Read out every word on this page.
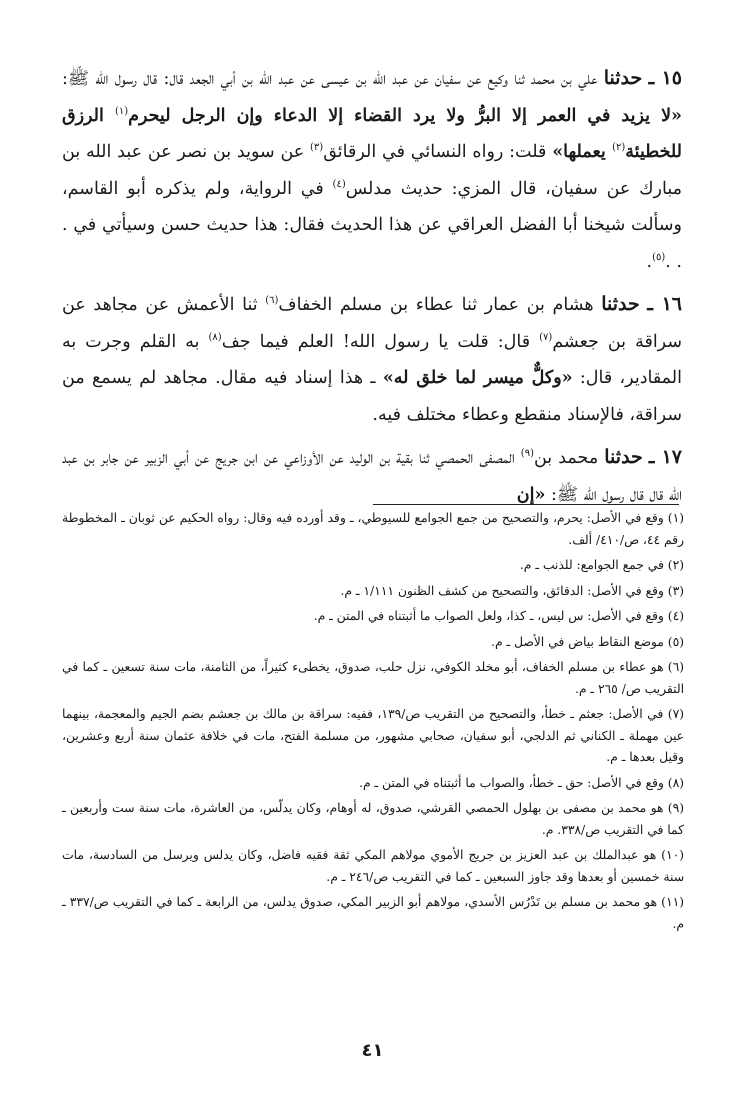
١٥ ـ حدثنا علي بن محمد ثنا وكيع عن سفيان عن عبد الله بن عيسى عن عبد الله بن أبي الجعد قال: قال رسول الله ﷺ: «لا يزيد في العمر إلا البرُّ ولا يرد القضاء إلا الدعاء وإن الرجل ليحرم$^{(١)}$ الرزق للخطيئة$^{(٢)}$ يعملها» قلت: رواه النسائي في الرقائق$^{(٣)}$ عن سويد بن نصر عن عبد الله بن مبارك عن سفيان، قال المزي: حديث مدلس$^{(٤)}$ في الرواية، ولم يذكره أبو القاسم، وسألت شيخنا أبا الفضل العراقي عن هذا الحديث فقال: هذا حديث حسن وسيأتي في . . .$^{(٥)}$.

١٦ ـ حدثنا هشام بن عمار ثنا عطاء بن مسلم الخفاف$^{(٦)}$ ثنا الأعمش عن مجاهد عن سراقة بن جعشم$^{(٧)}$ قال: قلت يا رسول الله! العلم فيما جف$^{(٨)}$ به القلم وجرت به المقادير، قال: «وكلٌّ ميسر لما خلق له» ـ هذا إسناد فيه مقال. مجاهد لم يسمع من سراقة، فالإسناد منقطع وعطاء مختلف فيه.

١٧ ـ حدثنا محمد بن$^{(٩)}$ المصفى الحمصي ثنا بقية بن الوليد عن الأوزاعي عن ابن جريج عن أبي الزبير عن جابر بن عبد الله قال قال رسول الله ﷺ: «إن

(١) وقع في الأصل: يحرم، والتصحيح من جمع الجوامع للسيوطي، ـ وقد أورده فيه وقال: رواه الحكيم عن ثوبان ـ المخطوطة رقم ٤٤، ص/٤١٠/ ألف.

(٢) في جمع الجوامع: للذنب ـ م.

(٣) وقع في الأصل: الدقائق، والتصحيح من كشف الظنون ١/١١١ ـ م.

(٤) وقع في الأصل: س ليس، ـ كذا، ولعل الصواب ما أثبتناه في المتن ـ م.

(٥) موضع النقاط بياض في الأصل ـ م.

(٦) هو عطاء بن مسلم الخفاف، أبو مخلد الكوفي، نزل حلب، صدوق، يخطىء كثيراً، من الثامنة، مات سنة تسعين ـ كما في التقريب ص/ ٢٦٥ ـ م.

(٧) في الأصل: جعثم ـ خطأ، والتصحيح من التقريب ص/١٣٩، ففيه: سراقة بن مالك بن جعشم بضم الجيم والمعجمة، بينهما عين مهملة ـ الكناني ثم الدلجي، أبو سفيان، صحابي مشهور، من مسلمة الفتح، مات في خلافة عثمان سنة أربع وعشرين، وقيل بعدها ـ م.

(٨) وقع في الأصل: حق ـ خطأ، والصواب ما أثبتناه في المتن ـ م.

(٩) هو محمد بن مصفى بن بهلول الحمصي القرشي، صدوق، له أوهام، وكان يدلّس، من العاشرة، مات سنة ست وأربعين ـ كما في التقريب ص/٣٣٨. م.

(١٠) هو عبدالملك بن عبد العزيز بن جريج الأموي مولاهم المكي ثقة فقيه فاضل، وكان يدلس ويرسل من السادسة، مات سنة خمسين أو بعدها وقد جاوز السبعين ـ كما في التقريب ص/٢٤٦ ـ م.

(١١) هو محمد بن مسلم بن تَدْرُس الأسدي، مولاهم أبو الزبير المكي، صدوق يدلس، من الرابعة ـ كما في التقريب ص/٣٣٧ ـ م.

٤١
